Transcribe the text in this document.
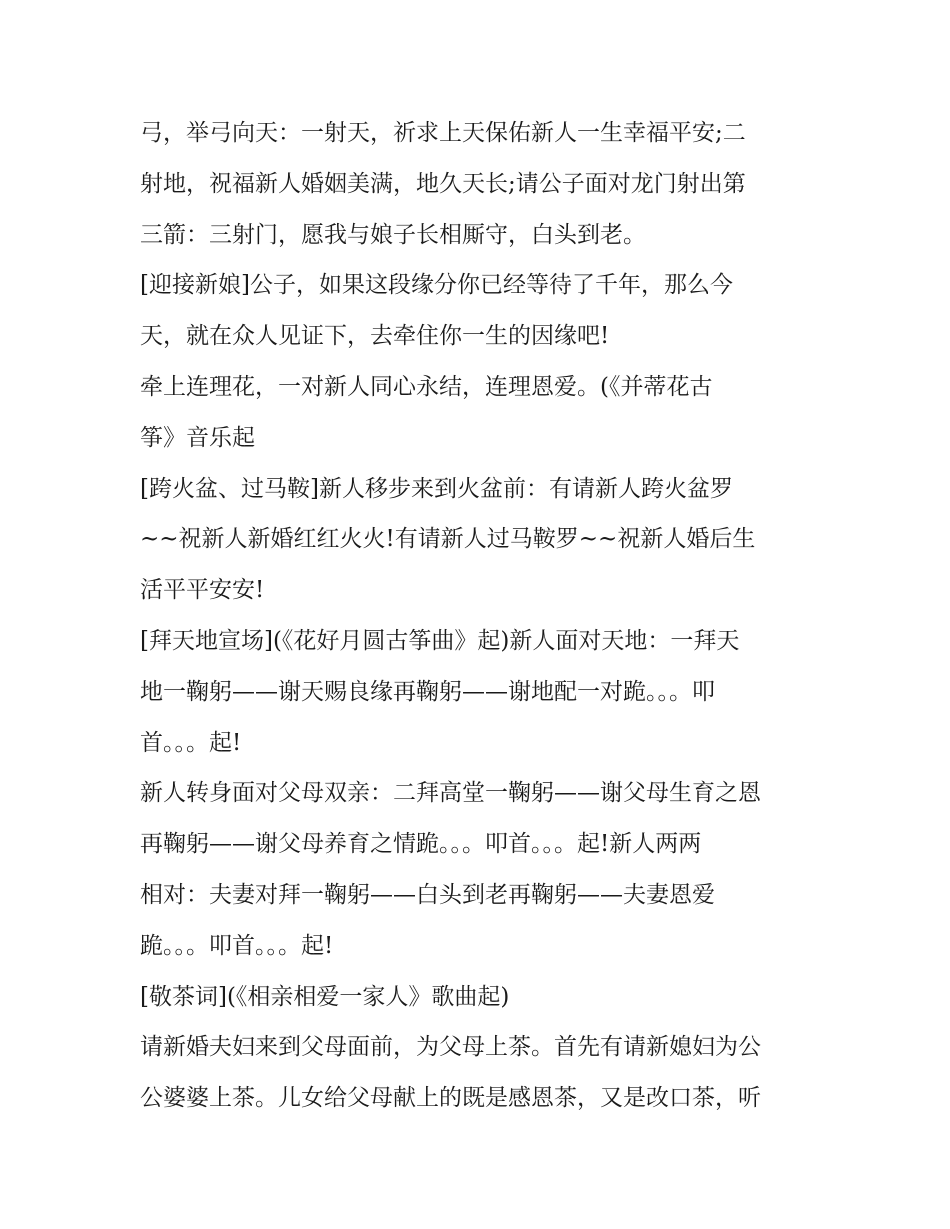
弓，举弓向天：一射天，祈求上天保佑新人一生幸福平安;二
射地，祝福新人婚姻美满，地久天长;请公子面对龙门射出第
三箭：三射门，愿我与娘子长相厮守，白头到老。
[迎接新娘]公子，如果这段缘分你已经等待了千年，那么今
天，就在众人见证下，去牵住你一生的因缘吧!
牵上连理花，一对新人同心永结，连理恩爱。(《并蒂花古
筝》音乐起
[跨火盆、过马鞍]新人移步来到火盆前：有请新人跨火盆罗
~~祝新人新婚红红火火!有请新人过马鞍罗~~祝新人婚后生
活平平安安!
[拜天地宣场](《花好月圆古筝曲》起)新人面对天地：一拜天
地一鞠躬——谢天赐良缘再鞠躬——谢地配一对跪。。。叩
首。。。起!
新人转身面对父母双亲：二拜高堂一鞠躬——谢父母生育之恩
再鞠躬——谢父母养育之情跪。。。叩首。。。起!新人两两
相对：夫妻对拜一鞠躬——白头到老再鞠躬——夫妻恩爱
跪。。。叩首。。。起!
[敬茶词](《相亲相爱一家人》歌曲起)
请新婚夫妇来到父母面前，为父母上茶。首先有请新媳妇为公
公婆婆上茶。儿女给父母献上的既是感恩茶，又是改口茶，听
